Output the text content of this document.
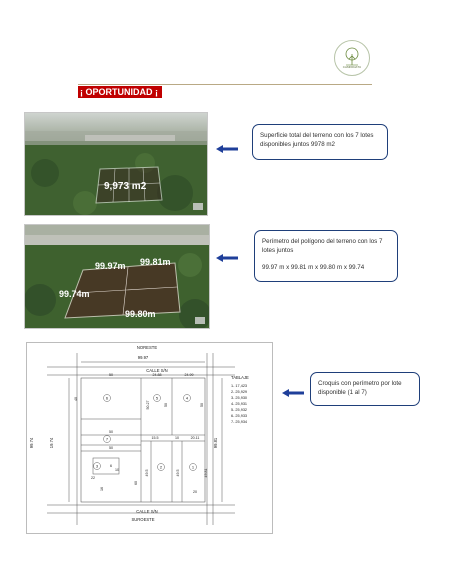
CAMPANATU
¡ OPORTUNIDAD ¡
9,973 m2
Superficie total del terreno con los 7 lotes disponibles juntos 9978 m2
99.97m 99.81m
99.74m
99.80m
Perímetro del polígono del terreno con los 7 lotes juntos
99.97 m x 99.81 m x 99.80 m x 99.74
NORESTE
99.97
CALLE S/N
CALLE S/N
SUROESTE
TABLAJE
1- 17,423
2- 25,929
3- 25,930
4- 25,931
5- 25,932
6- 25,933
7- 25,934
99.74	19.74	99.81
50	24.88	24.99
40
50.27	50	50
50
50
15.5	10	20.11
49.5	49.5	49.81
60
6
22
10
16
20
1
2
3
4
5
6
7
Croquis con perímetro por lote disponible (1 al 7)
